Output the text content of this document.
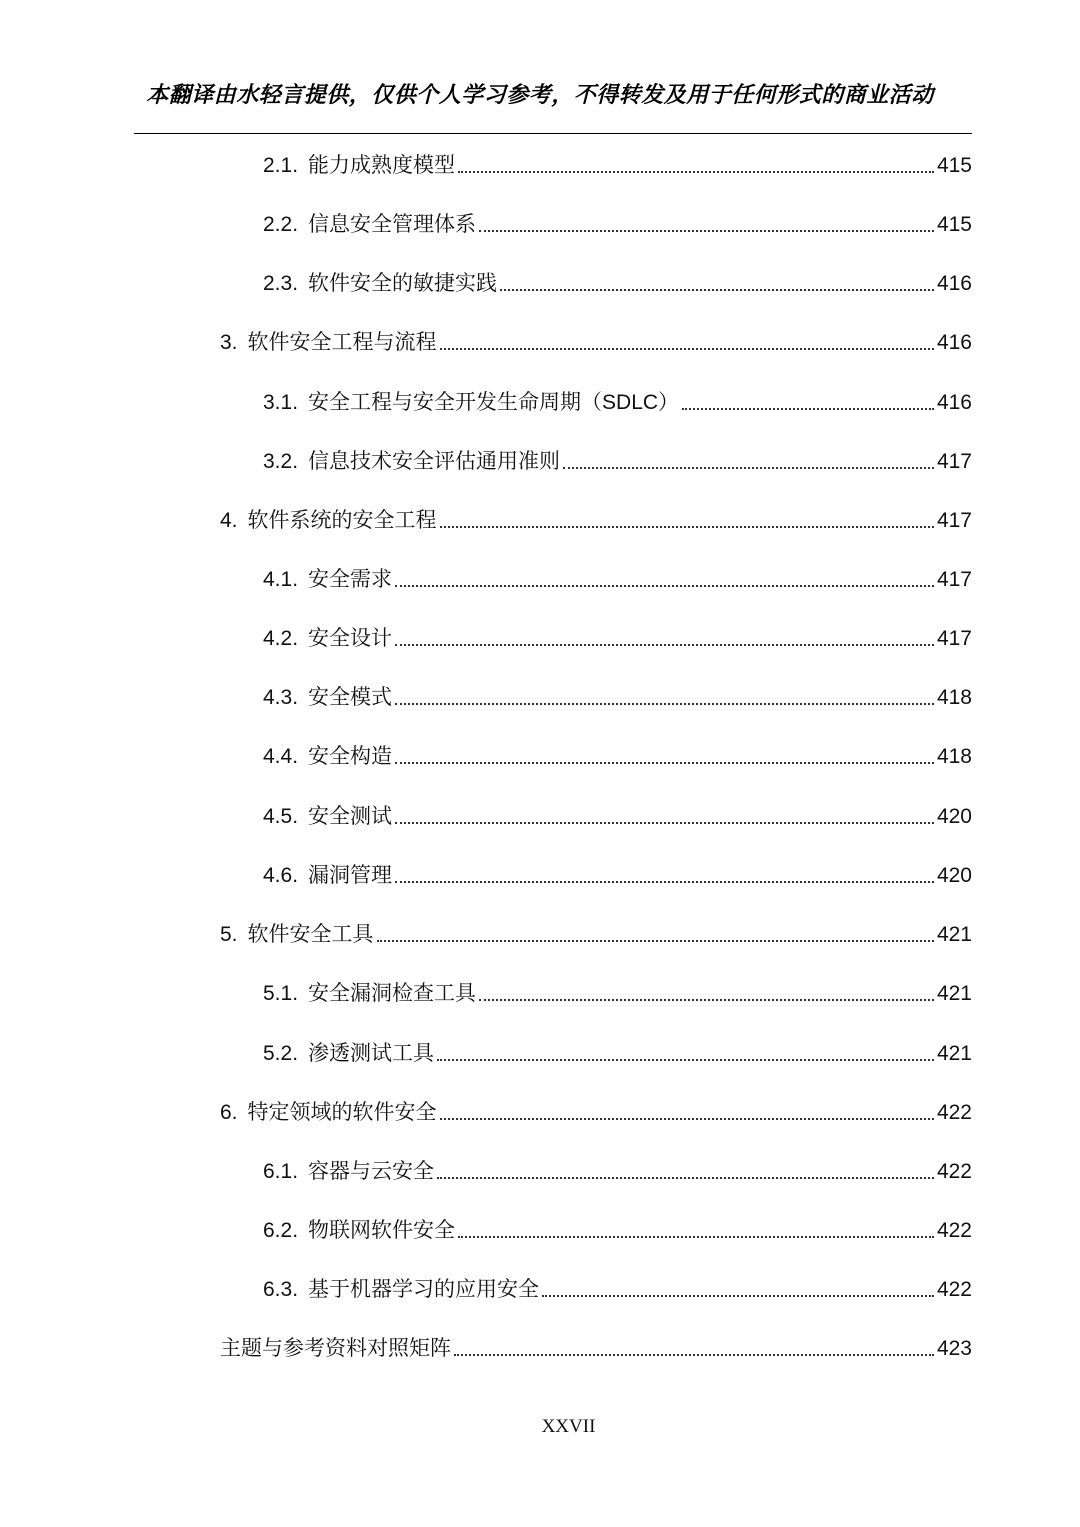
本翻译由水轻言提供，仅供个人学习参考，不得转发及用于任何形式的商业活动
2.1. 能力成熟度模型	415
2.2. 信息安全管理体系	415
2.3. 软件安全的敏捷实践	416
3. 软件安全工程与流程	416
3.1. 安全工程与安全开发生命周期（SDLC）	416
3.2. 信息技术安全评估通用准则	417
4. 软件系统的安全工程	417
4.1. 安全需求	417
4.2. 安全设计	417
4.3. 安全模式	418
4.4. 安全构造	418
4.5. 安全测试	420
4.6. 漏洞管理	420
5. 软件安全工具	421
5.1. 安全漏洞检查工具	421
5.2. 渗透测试工具	421
6. 特定领域的软件安全	422
6.1. 容器与云安全	422
6.2. 物联网软件安全	422
6.3. 基于机器学习的应用安全	422
主题与参考资料对照矩阵	423
XXVII
